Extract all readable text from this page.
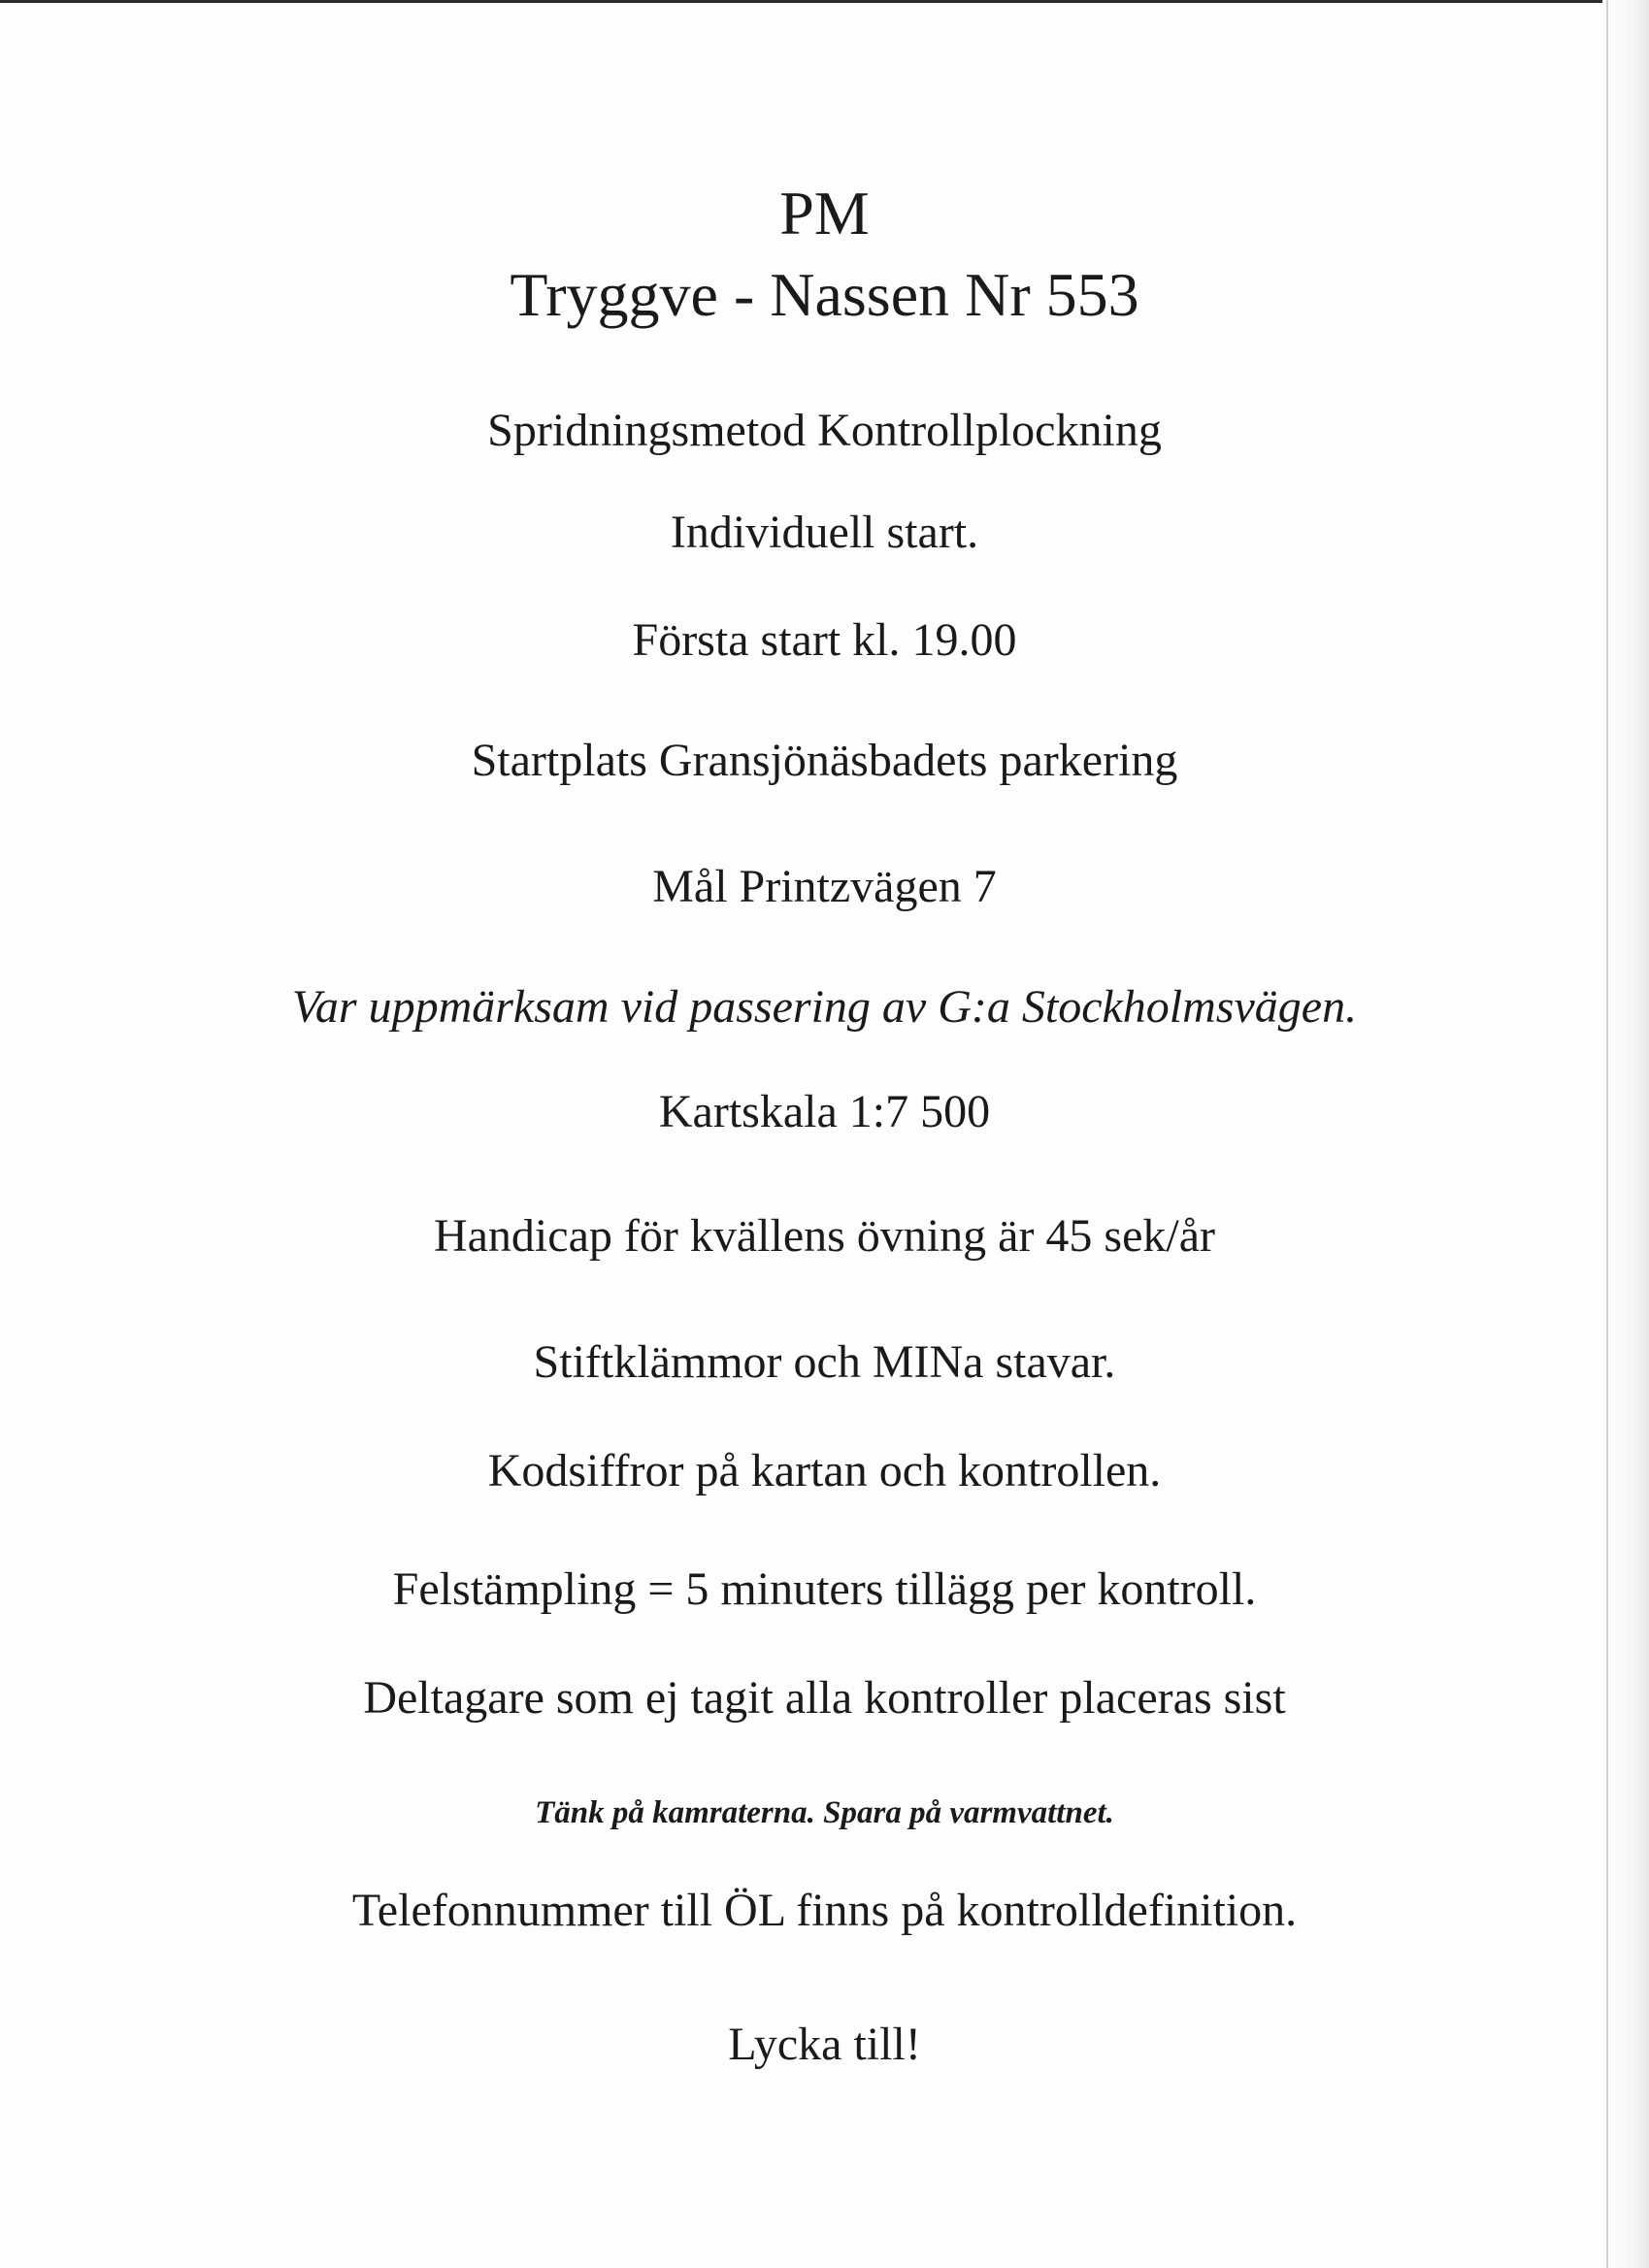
PM
Tryggve - Nassen Nr 553
Spridningsmetod Kontrollplockning
Individuell start.
Första start kl. 19.00
Startplats Gransjönäsbadets parkering
Mål Printzvägen 7
Var uppmärksam vid passering av G:a Stockholmsvägen.
Kartskala 1:7 500
Handicap för kvällens övning är 45 sek/år
Stiftklämmor och MINa stavar.
Kodsiffror på kartan och kontrollen.
Felstämpling = 5 minuters tillägg per kontroll.
Deltagare som ej tagit alla kontroller placeras sist
Tänk på kamraterna. Spara på varmvattnet.
Telefonnummer till ÖL finns på kontrolldefinition.
Lycka till!
